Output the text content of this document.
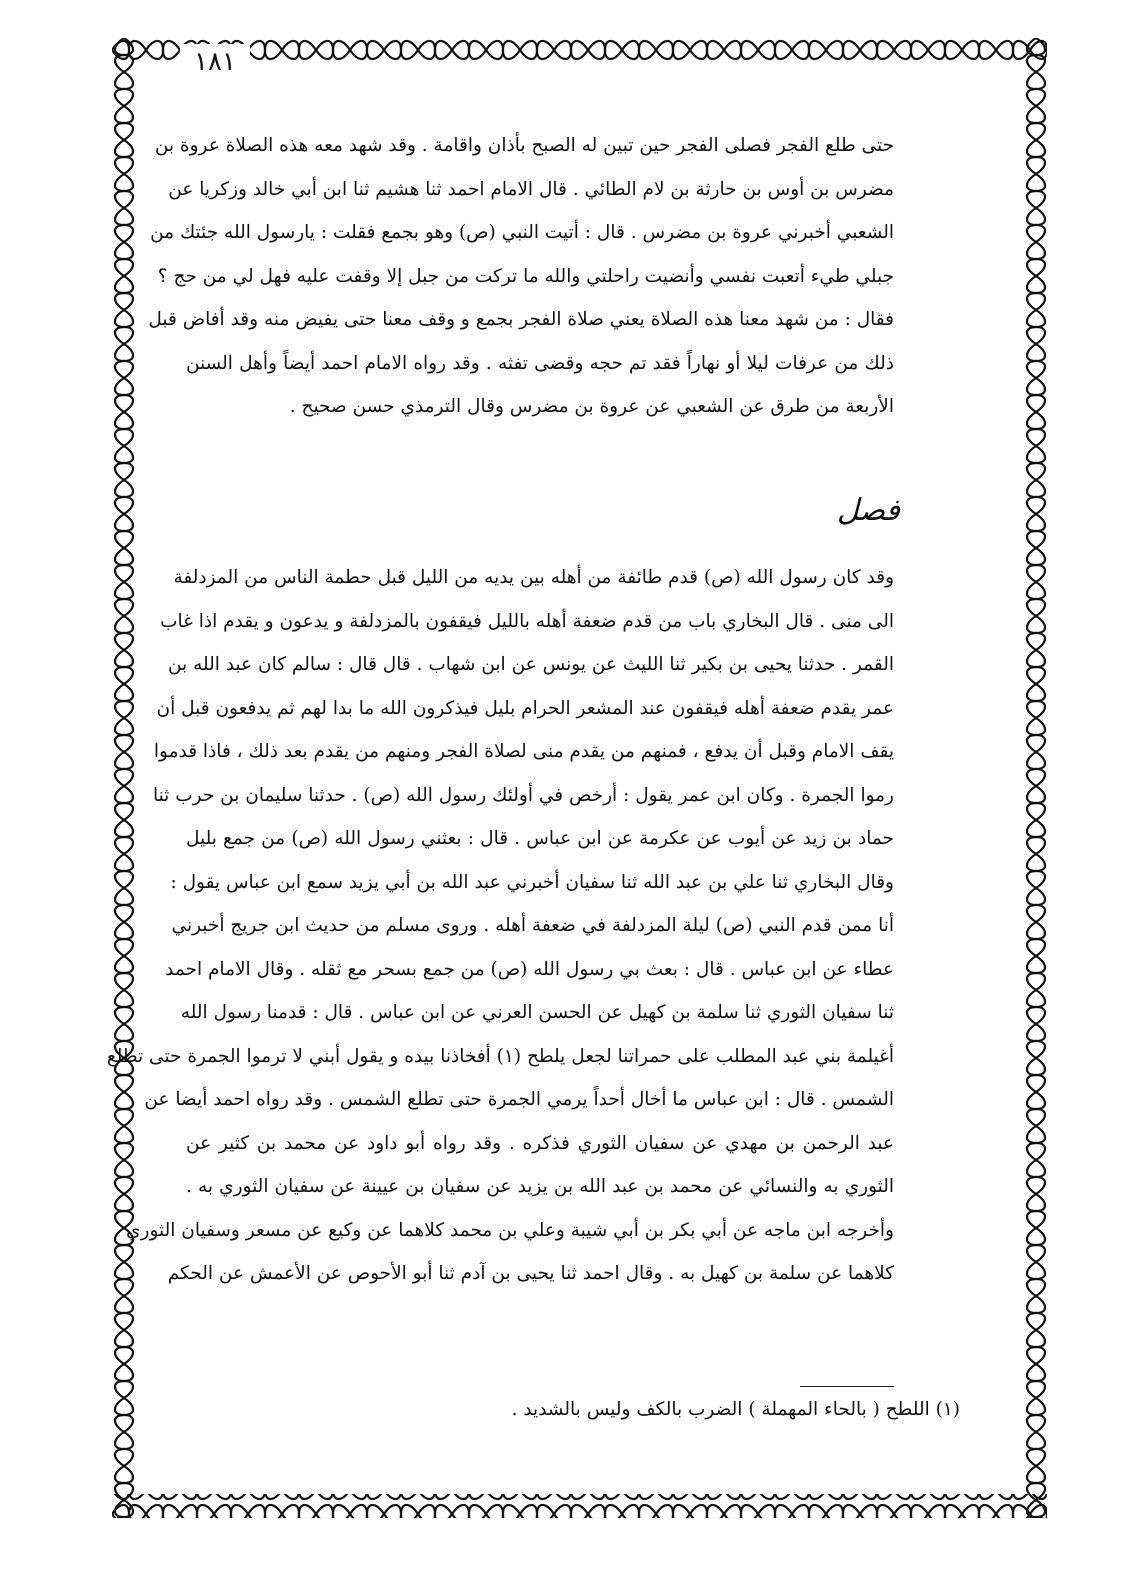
١٨١
حتى طلع الفجر فصلى الفجر حين تبين له الصبح بأذان واقامة . وقد شهد معه هذه الصلاة عروة بن
مضرس بن أوس بن حارثة بن لام الطائي . قال الامام احمد ثنا هشيم ثنا ابن أبي خالد وزكريا عن
الشعبي أخبرني عروة بن مضرس . قال : أتيت النبي (ص) وهو بجمع فقلت : يارسول الله جئتك من
جبلي طيء أتعبت نفسي وأنضيت راحلتي والله ما تركت من جبل إلا وقفت عليه فهل لي من حج ؟
فقال : من شهد معنا هذه الصلاة يعني صلاة الفجر بجمع و وقف معنا حتى يفيض منه وقد أفاض قبل
ذلك من عرفات ليلا أو نهاراً فقد تم حجه وقضى تفثه . وقد رواه الامام احمد أيضاً وأهل السنن
الأربعة من طرق عن الشعبي عن عروة بن مضرس وقال الترمذي حسن صحيح .
فصل
وقد كان رسول الله (ص) قدم طائفة من أهله بين يديه من الليل قبل حطمة الناس من المزدلفة
الى منى . قال البخاري باب من قدم ضعفة أهله بالليل فيقفون بالمزدلفة و يدعون و يقدم اذا غاب
القمر . حدثنا يحيى بن بكير ثنا الليث عن يونس عن ابن شهاب . قال قال : سالم كان عبد الله بن
عمر يقدم ضعفة أهله فيقفون عند المشعر الحرام بليل فيذكرون الله ما بدا لهم ثم يدفعون قبل أن
يقف الامام وقبل أن يدفع ، فمنهم من يقدم منى لصلاة الفجر ومنهم من يقدم بعد ذلك ، فاذا قدموا
رموا الجمرة . وكان ابن عمر يقول : أرخص في أولئك رسول الله (ص) . حدثنا سليمان بن حرب ثنا
حماد بن زيد عن أيوب عن عكرمة عن ابن عباس . قال : بعثني رسول الله (ص) من جمع بليل
وقال البخاري ثنا علي بن عبد الله ثنا سفيان أخبرني عبد الله بن أبي يزيد سمع ابن عباس يقول :
أنا ممن قدم النبي (ص) ليلة المزدلفة في ضعفة أهله . وروى مسلم من حديث ابن جريج أخبرني
عطاء عن ابن عباس . قال : بعث بي رسول الله (ص) من جمع بسحر مع ثقله . وقال الامام احمد
ثنا سفيان الثوري ثنا سلمة بن كهيل عن الحسن العرني عن ابن عباس . قال : قدمنا رسول الله
أغيلمة بني عبد المطلب على حمراتنا لجعل يلطح (١) أفخاذنا بيده و يقول أبني لا ترموا الجمرة حتى تطلع
الشمس . قال : ابن عباس ما أخال أحداً يرمي الجمرة حتى تطلع الشمس . وقد رواه احمد أيضا عن
عبد الرحمن بن مهدي عن سفيان الثوري فذكره . وقد رواه أبو داود عن محمد بن كثير عن
الثوري به والنسائي عن محمد بن عبد الله بن يزيد عن سفيان بن عيينة عن سفيان الثوري به .
وأخرجه ابن ماجه عن أبي بكر بن أبي شيبة وعلي بن محمد كلاهما عن وكيع عن مسعر وسفيان الثوري
كلاهما عن سلمة بن كهيل به . وقال احمد ثنا يحيى بن آدم ثنا أبو الأحوص عن الأعمش عن الحكم
(١) اللطح ( بالحاء المهملة ) الضرب بالكف وليس بالشديد .
